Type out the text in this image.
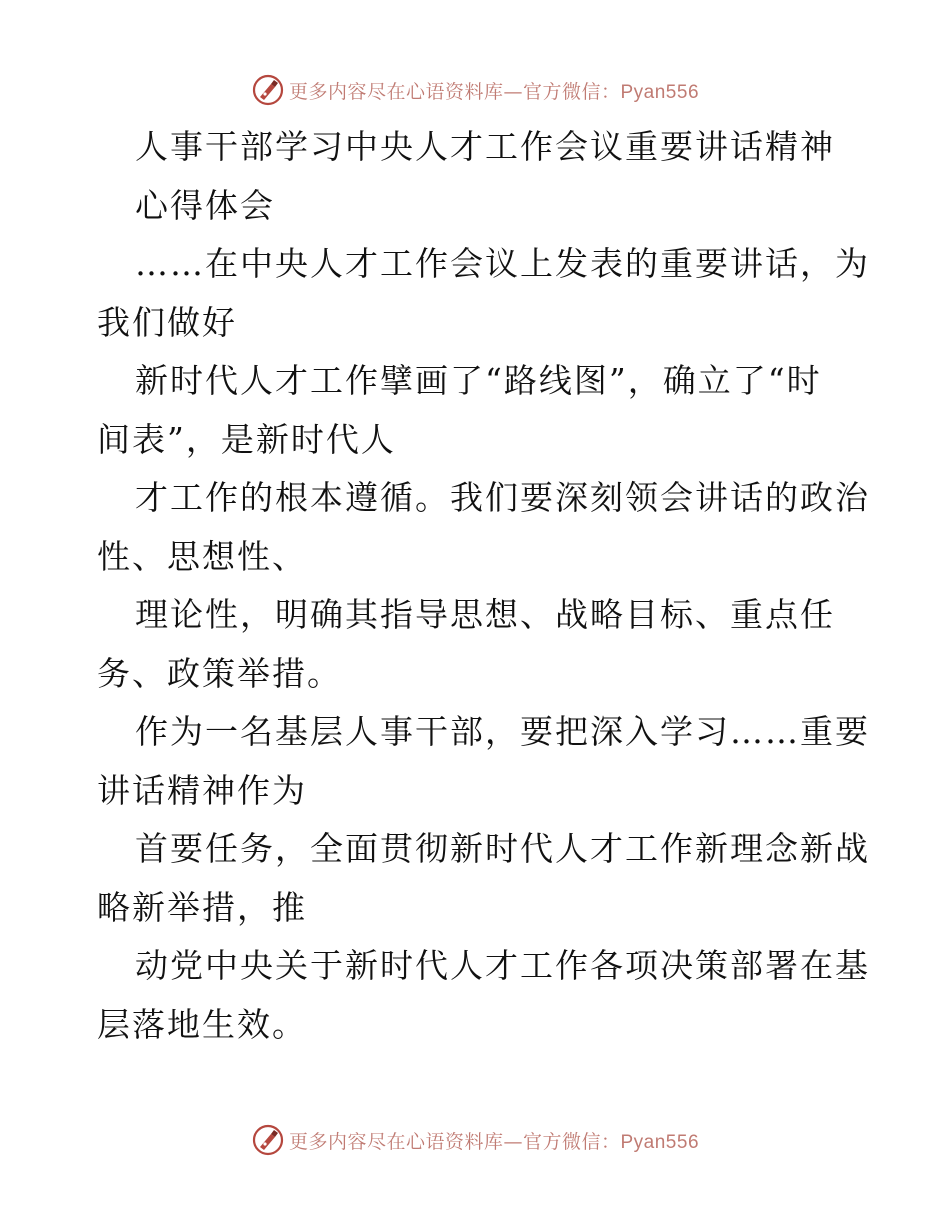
更多内容尽在心语资料库—官方微信：Pyan556
人事干部学习中央人才工作会议重要讲话精神
心得体会
……在中央人才工作会议上发表的重要讲话，为
我们做好
新时代人才工作擘画了“路线图”，确立了“时
间表”，是新时代人
才工作的根本遵循。我们要深刻领会讲话的政治
性、思想性、
理论性，明确其指导思想、战略目标、重点任
务、政策举措。
作为一名基层人事干部，要把深入学习……重要
讲话精神作为
首要任务，全面贯彻新时代人才工作新理念新战
略新举措，推
动党中央关于新时代人才工作各项决策部署在基
层落地生效。
更多内容尽在心语资料库—官方微信：Pyan556
